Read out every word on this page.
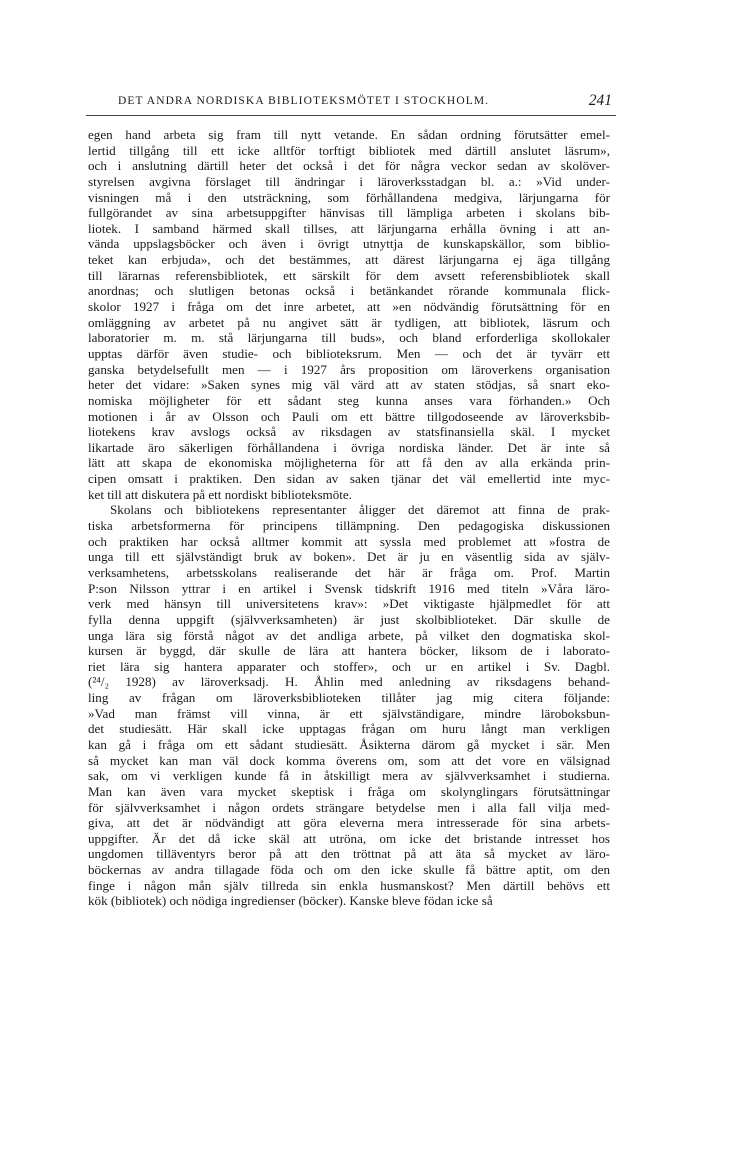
DET ANDRA NORDISKA BIBLIOTEKSMÖTET I STOCKHOLM.	241
egen hand arbeta sig fram till nytt vetande. En sådan ordning förutsätter emel-
lertid tillgång till ett icke alltför torftigt bibliotek med därtill anslutet läsrum»,
och i anslutning därtill heter det också i det för några veckor sedan av skolöver-
styrelsen avgivna förslaget till ändringar i läroverksstadgan bl. a.: »Vid under-
visningen må i den utsträckning, som förhållandena medgiva, lärjungarna för
fullgörandet av sina arbetsuppgifter hänvisas till lämpliga arbeten i skolans bib-
liotek. I samband härmed skall tillses, att lärjungarna erhålla övning i att an-
vända uppslagsböcker och även i övrigt utnyttja de kunskapskällor, som biblio-
teket kan erbjuda», och det bestämmes, att därest lärjungarna ej äga tillgång
till lärarnas referensbibliotek, ett särskilt för dem avsett referensbibliotek skall
anordnas; och slutligen betonas också i betänkandet rörande kommunala flick-
skolor 1927 i fråga om det inre arbetet, att »en nödvändig förutsättning för en
omläggning av arbetet på nu angivet sätt är tydligen, att bibliotek, läsrum och
laboratorier m. m. stå lärjungarna till buds», och bland erforderliga skollokaler
upptas därför även studie- och biblioteksrum. Men — och det är tyvärr ett
ganska betydelsefullt men — i 1927 års proposition om läroverkens organisation
heter det vidare: »Saken synes mig väl värd att av staten stödjas, så snart eko-
nomiska möjligheter för ett sådant steg kunna anses vara förhanden.» Och
motionen i år av Olsson och Pauli om ett bättre tillgodoseende av läroverksbib-
liotekens krav avslogs också av riksdagen av statsfinansiella skäl. I mycket
likartade äro säkerligen förhållandena i övriga nordiska länder. Det är inte så
lätt att skapa de ekonomiska möjligheterna för att få den av alla erkända prin-
cipen omsatt i praktiken. Den sidan av saken tjänar det väl emellertid inte myc-
ket till att diskutera på ett nordiskt biblioteksmöte.
Skolans och bibliotekens representanter åligger det däremot att finna de prak-
tiska arbetsformerna för principens tillämpning. Den pedagogiska diskussionen
och praktiken har också alltmer kommit att syssla med problemet att »fostra de
unga till ett självständigt bruk av boken». Det är ju en väsentlig sida av själv-
verksamhetens, arbetsskolans realiserande det här är fråga om. Prof. Martin
P:son Nilsson yttrar i en artikel i Svensk tidskrift 1916 med titeln »Våra läro-
verk med hänsyn till universitetens krav»: »Det viktigaste hjälpmedlet för att
fylla denna uppgift (självverksamheten) är just skolbiblioteket. Där skulle de
unga lära sig förstå något av det andliga arbete, på vilket den dogmatiska skol-
kursen är byggd, där skulle de lära att hantera böcker, liksom de i laborato-
riet lära sig hantera apparater och stoffer», och ur en artikel i Sv. Dagbl.
(²⁴/₂ 1928) av läroverksadj. H. Åhlin med anledning av riksdagens behand-
ling av frågan om läroverksbiblioteken tillåter jag mig citera följande:
»Vad man främst vill vinna, är ett självständigare, mindre läroboksbun-
det studiesätt. Här skall icke upptagas frågan om huru långt man verkligen
kan gå i fråga om ett sådant studiesätt. Åsikterna därom gå mycket i sär. Men
så mycket kan man väl dock komma överens om, som att det vore en välsignad
sak, om vi verkligen kunde få in åtskilligt mera av självverksamhet i studierna.
Man kan även vara mycket skeptisk i fråga om skolynglingars förutsättningar
för självverksamhet i någon ordets strängare betydelse men i alla fall vilja med-
giva, att det är nödvändigt att göra eleverna mera intresserade för sina arbets-
uppgifter. Är det då icke skäl att utröna, om icke det bristande intresset hos
ungdomen tilläventyrs beror på att den tröttnat på att äta så mycket av läro-
böckernas av andra tillagade föda och om den icke skulle få bättre aptit, om den
finge i någon mån själv tillreda sin enkla husmanskost? Men därtill behövs ett
kök (bibliotek) och nödiga ingredienser (böcker). Kanske bleve födan icke så
